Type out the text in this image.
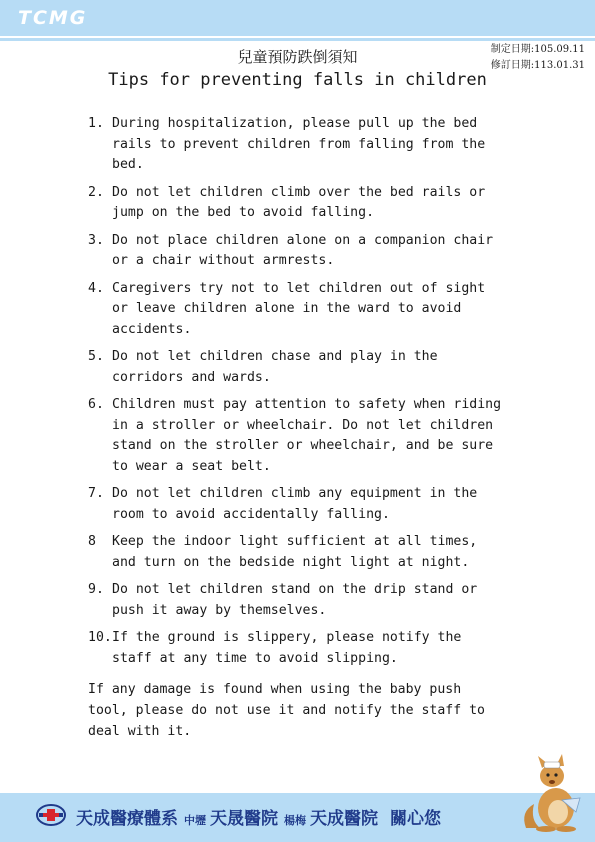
TCMG
制定日期:105.09.11
修訂日期:113.01.31
兒童預防跌倒須知
Tips for preventing falls in children
1. During hospitalization, please pull up the bed rails to prevent children from falling from the bed.
2. Do not let children climb over the bed rails or jump on the bed to avoid falling.
3. Do not place children alone on a companion chair or a chair without armrests.
4. Caregivers try not to let children out of sight or leave children alone in the ward to avoid accidents.
5. Do not let children chase and play in the corridors and wards.
6. Children must pay attention to safety when riding in a stroller or wheelchair. Do not let children stand on the stroller or wheelchair, and be sure to wear a seat belt.
7. Do not let children climb any equipment in the room to avoid accidentally falling.
8	Keep the indoor light sufficient at all times, and turn on the bedside night light at night.
9. Do not let children stand on the drip stand or push it away by themselves.
10. If the ground is slippery, please notify the staff at any time to avoid slipping.

If any damage is found when using the baby push tool, please do not use it and notify the staff to deal with it.

天成醫療體系 中壢 天晟醫院 楊梅 天成醫院 關心您
